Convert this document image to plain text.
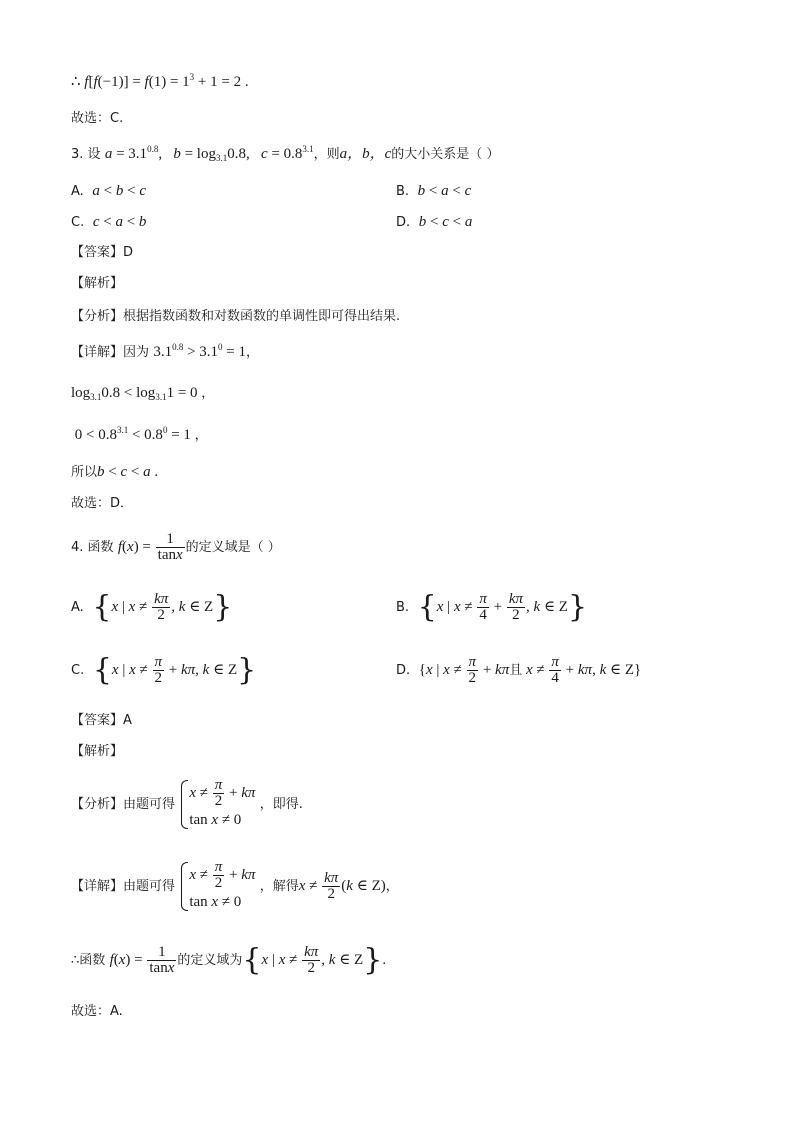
∴ $f[f(-1)] = f(1) = 1^3 + 1 = 2$ .
故选：C.
3. 设 $a = 3.1^{0.8}$,   $b = \log_{3.1}0.8$,   $c = 0.8^{3.1}$，则a，b，c的大小关系是（ ）
A. a < b < c	B. b < a < c
C. c < a < b	D. b < c < a
【答案】D
【解析】
【分析】根据指数函数和对数函数的单调性即可得出结果.
【详解】因为 $3.1^{0.8} > 3.1^0 = 1$，
$\log_{3.1}0.8 < \log_{3.1}1 = 0$ ，
$0 < 0.8^{3.1} < 0.8^0 = 1$ ，
所以b < c < a .
故选：D．
4. 函数 $f(x) = \frac{1}{\tan x}$ 的定义域是（ ）
A. {x | $x \ne \frac{k\pi}{2}$ , k ∈ Z}	B. {x | $x \ne \frac{\pi}{4} + \frac{k\pi}{2}$ , k ∈ Z}
C. {x | $x \ne \frac{\pi}{2} + k\pi$, k ∈ Z}	D. {x | $x \ne \frac{\pi}{2} + k\pi$且 $x \ne \frac{\pi}{4} + k\pi$, k ∈ Z}
【答案】A
【解析】
【分析】由题可得
$x \ne \frac{\pi}{2} + k\pi$
tan x ≠ 0
，即得.
【详解】由题可得
$x \ne \frac{\pi}{2} + k\pi$
tan x ≠ 0
，解得$x \ne \frac{k\pi}{2} (k$ ∈ Z)，
∴函数 $f(x) = \frac{1}{\tan x}$ 的定义域为{x | $x \ne \frac{k\pi}{2}$ , k ∈ Z}.
故选：A.
